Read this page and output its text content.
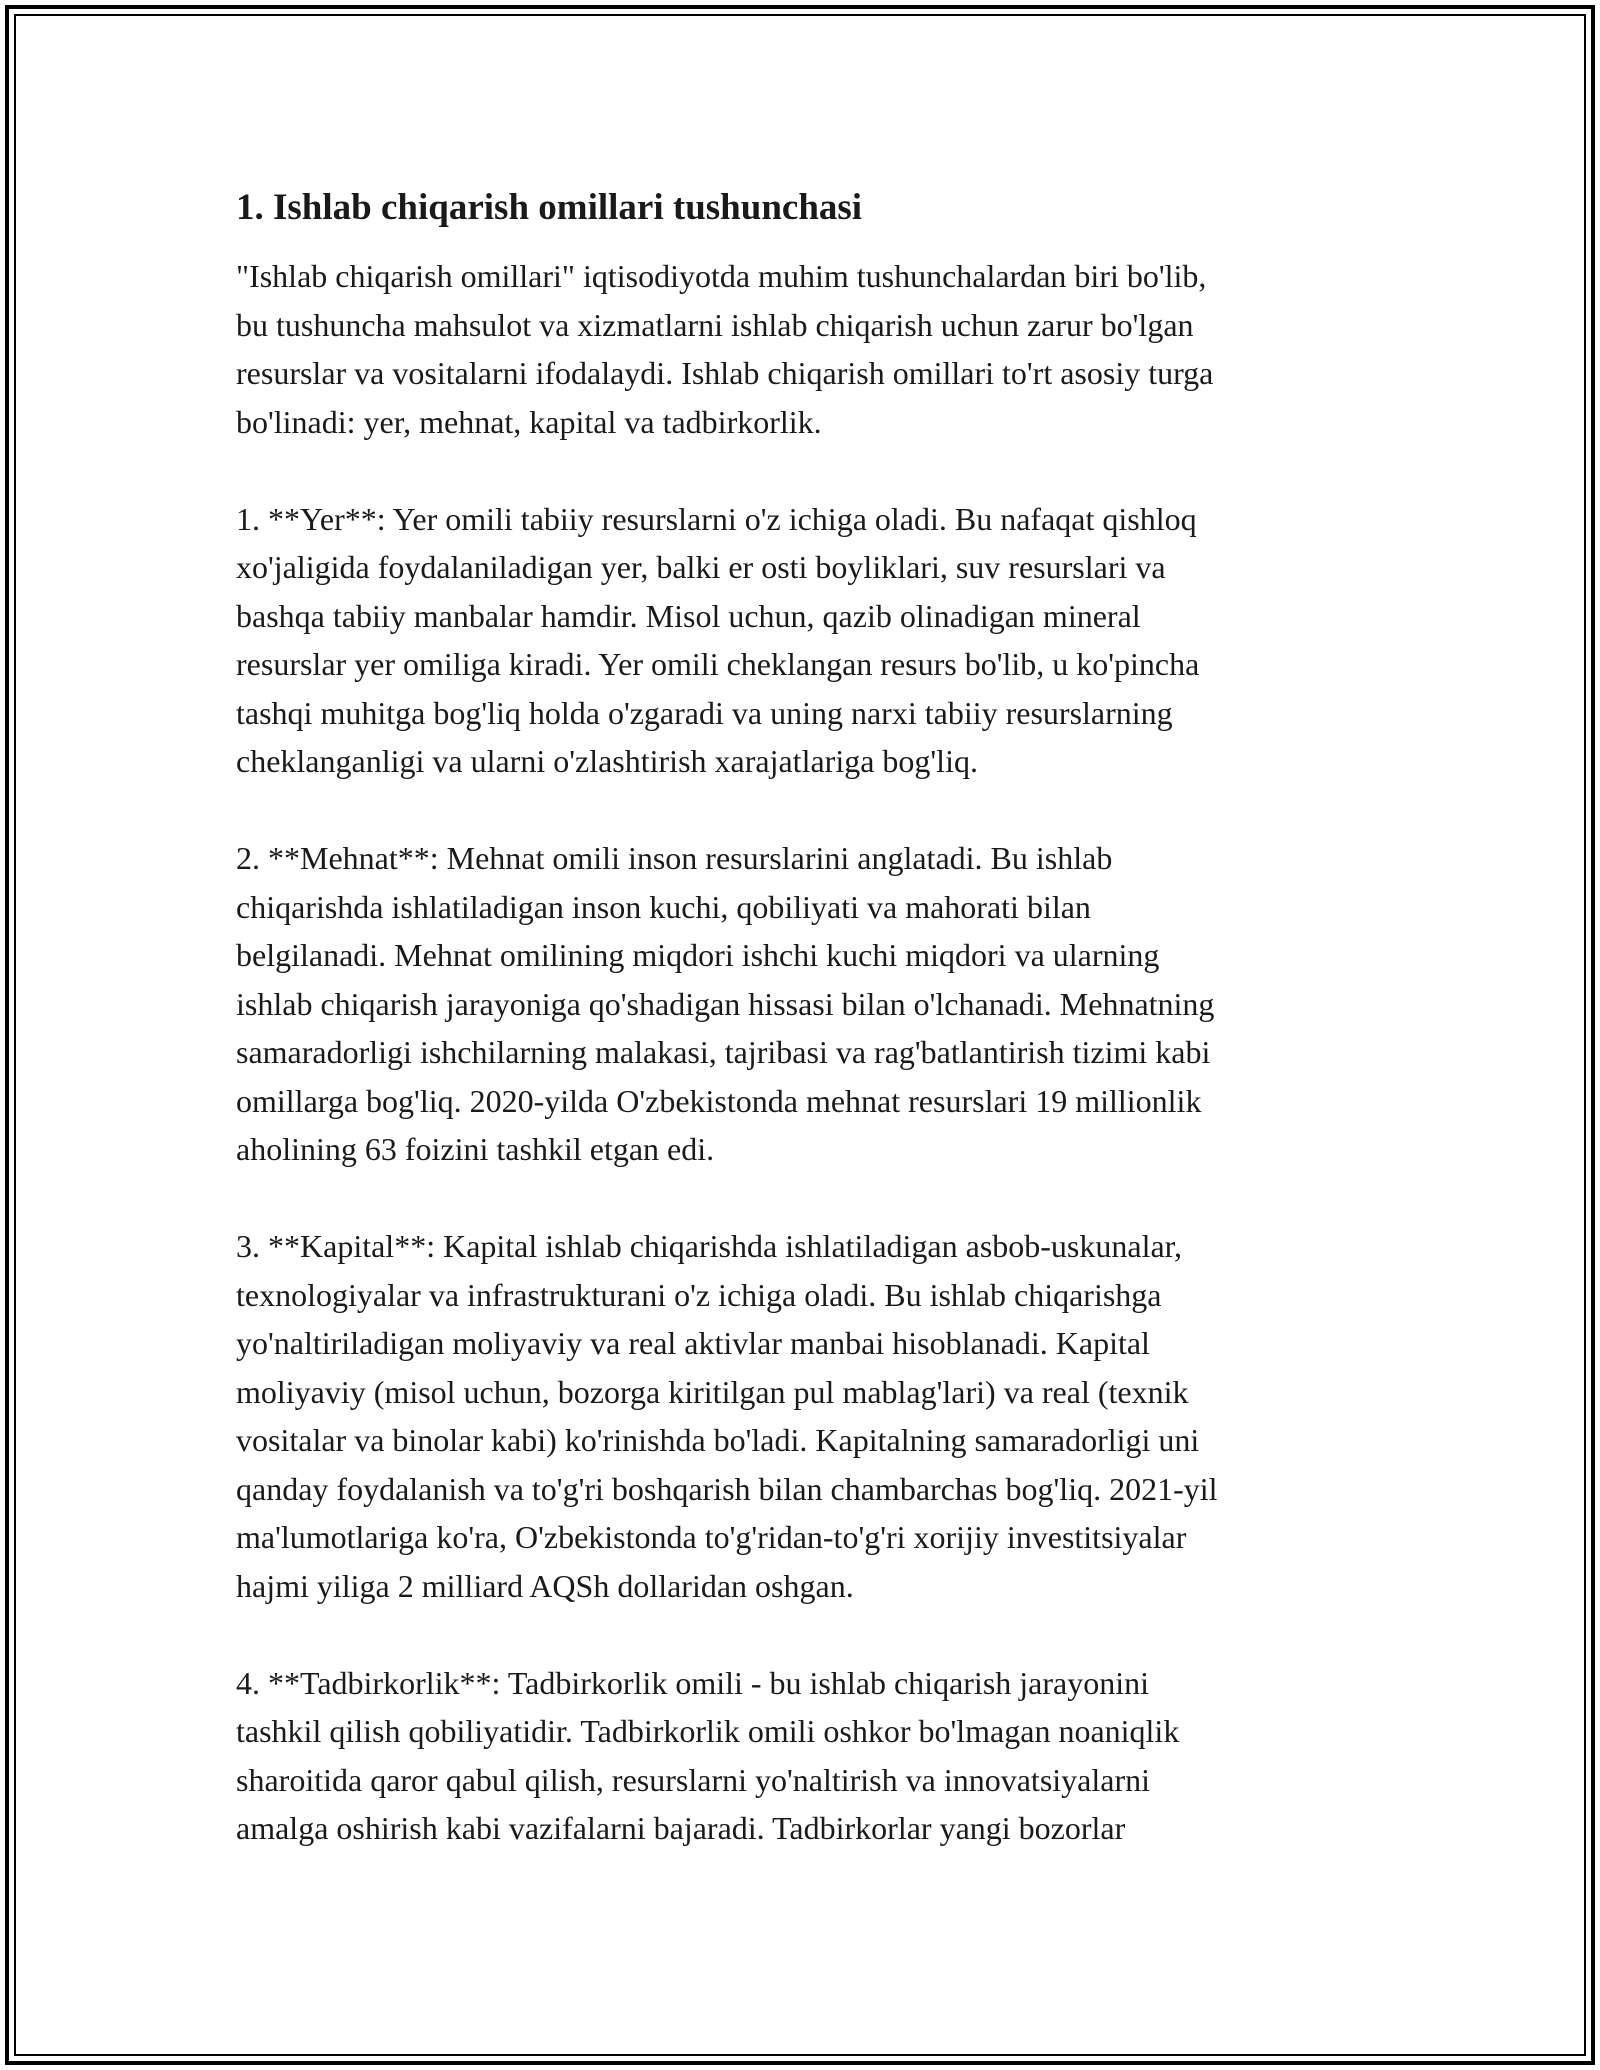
1. Ishlab chiqarish omillari tushunchasi

"Ishlab chiqarish omillari" iqtisodiyotda muhim tushunchalardan biri bo'lib,
bu tushuncha mahsulot va xizmatlarni ishlab chiqarish uchun zarur bo'lgan
resurslar va vositalarni ifodalaydi. Ishlab chiqarish omillari to'rt asosiy turga
bo'linadi: yer, mehnat, kapital va tadbirkorlik.

1. **Yer**: Yer omili tabiiy resurslarni o'z ichiga oladi. Bu nafaqat qishloq
xo'jaligida foydalaniladigan yer, balki er osti boyliklari, suv resurslari va
bashqa tabiiy manbalar hamdir. Misol uchun, qazib olinadigan mineral
resurslar yer omiliga kiradi. Yer omili cheklangan resurs bo'lib, u ko'pincha
tashqi muhitga bog'liq holda o'zgaradi va uning narxi tabiiy resurslarning
cheklanganligi va ularni o'zlashtirish xarajatlariga bog'liq.

2. **Mehnat**: Mehnat omili inson resurslarini anglatadi. Bu ishlab
chiqarishda ishlatiladigan inson kuchi, qobiliyati va mahorati bilan
belgilanadi. Mehnat omilining miqdori ishchi kuchi miqdori va ularning
ishlab chiqarish jarayoniga qo'shadigan hissasi bilan o'lchanadi. Mehnatning
samaradorligi ishchilarning malakasi, tajribasi va rag'batlantirish tizimi kabi
omillarga bog'liq. 2020-yilda O'zbekistonda mehnat resurslari 19 millionlik
aholining 63 foizini tashkil etgan edi.

3. **Kapital**: Kapital ishlab chiqarishda ishlatiladigan asbob-uskunalar,
texnologiyalar va infrastrukturani o'z ichiga oladi. Bu ishlab chiqarishga
yo'naltiriladigan moliyaviy va real aktivlar manbai hisoblanadi. Kapital
moliyaviy (misol uchun, bozorga kiritilgan pul mablag'lari) va real (texnik
vositalar va binolar kabi) ko'rinishda bo'ladi. Kapitalning samaradorligi uni
qanday foydalanish va to'g'ri boshqarish bilan chambarchas bog'liq. 2021-yil
ma'lumotlariga ko'ra, O'zbekistonda to'g'ridan-to'g'ri xorijiy investitsiyalar
hajmi yiliga 2 milliard AQSh dollaridan oshgan.

4. **Tadbirkorlik**: Tadbirkorlik omili - bu ishlab chiqarish jarayonini
tashkil qilish qobiliyatidir. Tadbirkorlik omili oshkor bo'lmagan noaniqlik
sharoitida qaror qabul qilish, resurslarni yo'naltirish va innovatsiyalarni
amalga oshirish kabi vazifalarni bajaradi. Tadbirkorlar yangi bozorlar
